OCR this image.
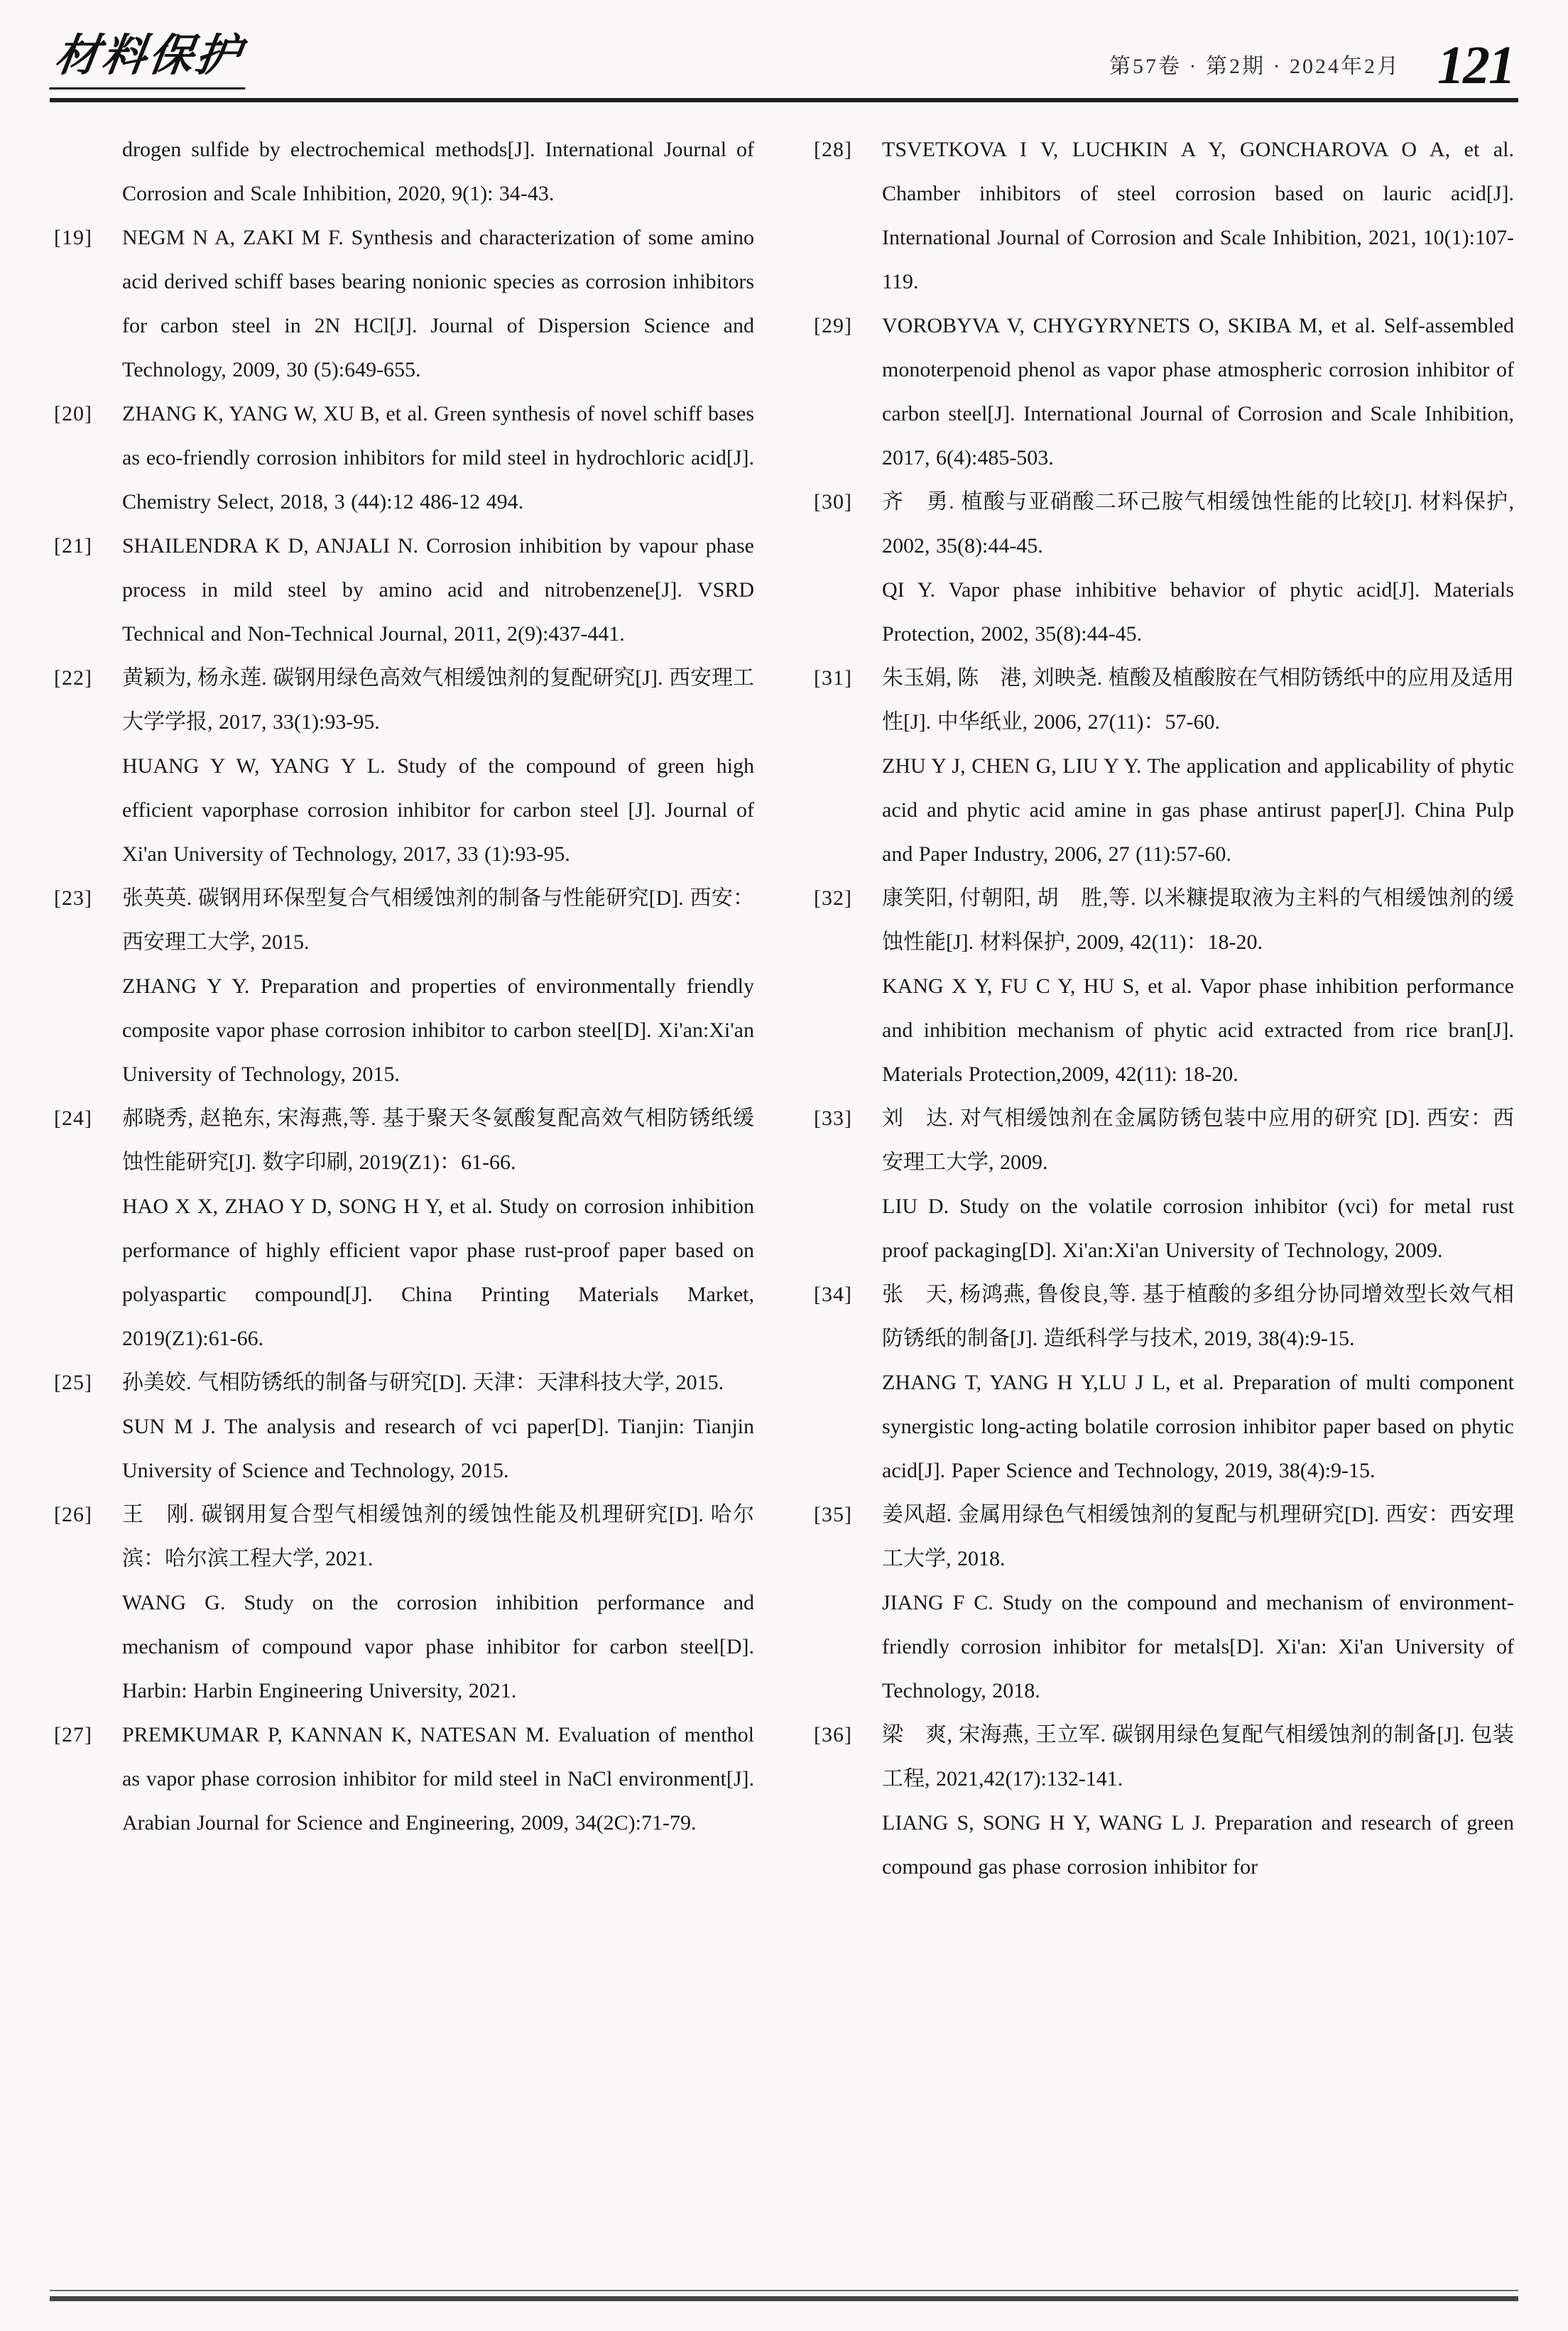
材料保护	第57卷 · 第2期 · 2024年2月 121

drogen sulfide by electrochemical methods[J]. International Journal of Corrosion and Scale Inhibition, 2020, 9(1): 34-43.

[19]	NEGM N A, ZAKI M F. Synthesis and characterization of some amino acid derived schiff bases bearing nonionic species as corrosion inhibitors for carbon steel in 2N HCl[J]. Journal of Dispersion Science and Technology, 2009, 30 (5):649-655.

[20]	ZHANG K, YANG W, XU B, et al. Green synthesis of novel schiff bases as eco-friendly corrosion inhibitors for mild steel in hydrochloric acid[J]. Chemistry Select, 2018, 3 (44):12 486-12 494.

[21]	SHAILENDRA K D, ANJALI N. Corrosion inhibition by vapour phase process in mild steel by amino acid and nitrobenzene[J]. VSRD Technical and Non-Technical Journal, 2011, 2(9):437-441.

[22]	黄颖为, 杨永莲. 碳钢用绿色高效气相缓蚀剂的复配研究[J]. 西安理工大学学报, 2017, 33(1):93-95.

HUANG Y W, YANG Y L. Study of the compound of green high efficient vaporphase corrosion inhibitor for carbon steel [J]. Journal of Xi'an University of Technology, 2017, 33 (1):93-95.

[23]	张英英. 碳钢用环保型复合气相缓蚀剂的制备与性能研究[D]. 西安：西安理工大学, 2015.

ZHANG Y Y. Preparation and properties of environmentally friendly composite vapor phase corrosion inhibitor to carbon steel[D]. Xi'an:Xi'an University of Technology, 2015.

[24]	郝晓秀, 赵艳东, 宋海燕,等. 基于聚天冬氨酸复配高效气相防锈纸缓蚀性能研究[J]. 数字印刷, 2019(Z1)：61-66.

HAO X X, ZHAO Y D, SONG H Y, et al. Study on corrosion inhibition performance of highly efficient vapor phase rust-proof paper based on polyaspartic compound[J]. China Printing Materials Market, 2019(Z1):61-66.

[25]	孙美姣. 气相防锈纸的制备与研究[D]. 天津：天津科技大学, 2015.

SUN M J. The analysis and research of vci paper[D]. Tianjin: Tianjin University of Science and Technology, 2015.

[26]	王　刚. 碳钢用复合型气相缓蚀剂的缓蚀性能及机理研究[D]. 哈尔滨：哈尔滨工程大学, 2021.

WANG G. Study on the corrosion inhibition performance and mechanism of compound vapor phase inhibitor for carbon steel[D]. Harbin: Harbin Engineering University, 2021.

[27]	PREMKUMAR P, KANNAN K, NATESAN M. Evaluation of menthol as vapor phase corrosion inhibitor for mild steel in NaCl environment[J]. Arabian Journal for Science and Engineering, 2009, 34(2C):71-79.

[28]	TSVETKOVA I V, LUCHKIN A Y, GONCHAROVA O A, et al. Chamber inhibitors of steel corrosion based on lauric acid[J]. International Journal of Corrosion and Scale Inhibition, 2021, 10(1):107-119.

[29]	VOROBYVA V, CHYGYRYNETS O, SKIBA M, et al. Self-assembled monoterpenoid phenol as vapor phase atmospheric corrosion inhibitor of carbon steel[J]. International Journal of Corrosion and Scale Inhibition, 2017, 6(4):485-503.

[30]	齐　勇. 植酸与亚硝酸二环己胺气相缓蚀性能的比较[J]. 材料保护, 2002, 35(8):44-45.

QI Y. Vapor phase inhibitive behavior of phytic acid[J]. Materials Protection, 2002, 35(8):44-45.

[31]	朱玉娟, 陈　港, 刘映尧. 植酸及植酸胺在气相防锈纸中的应用及适用性[J]. 中华纸业, 2006, 27(11)：57-60.

ZHU Y J, CHEN G, LIU Y Y. The application and applicability of phytic acid and phytic acid amine in gas phase antirust paper[J]. China Pulp and Paper Industry, 2006, 27 (11):57-60.

[32]	康笑阳, 付朝阳, 胡　胜,等. 以米糠提取液为主料的气相缓蚀剂的缓蚀性能[J]. 材料保护, 2009, 42(11)：18-20.

KANG X Y, FU C Y, HU S, et al. Vapor phase inhibition performance and inhibition mechanism of phytic acid extracted from rice bran[J]. Materials Protection,2009, 42(11): 18-20.

[33]	刘　达. 对气相缓蚀剂在金属防锈包装中应用的研究 [D]. 西安：西安理工大学, 2009.

LIU D. Study on the volatile corrosion inhibitor (vci) for metal rust proof packaging[D]. Xi'an:Xi'an University of Technology, 2009.

[34]	张　天, 杨鸿燕, 鲁俊良,等. 基于植酸的多组分协同增效型长效气相防锈纸的制备[J]. 造纸科学与技术, 2019, 38(4):9-15.

ZHANG T, YANG H Y,LU J L, et al. Preparation of multi component synergistic long-acting bolatile corrosion inhibitor paper based on phytic acid[J]. Paper Science and Technology, 2019, 38(4):9-15.

[35]	姜风超. 金属用绿色气相缓蚀剂的复配与机理研究[D]. 西安：西安理工大学, 2018.

JIANG F C. Study on the compound and mechanism of environment-friendly corrosion inhibitor for metals[D]. Xi'an: Xi'an University of Technology, 2018.

[36]	梁　爽, 宋海燕, 王立军. 碳钢用绿色复配气相缓蚀剂的制备[J]. 包装工程, 2021,42(17):132-141.

LIANG S, SONG H Y, WANG L J. Preparation and research of green compound gas phase corrosion inhibitor for
